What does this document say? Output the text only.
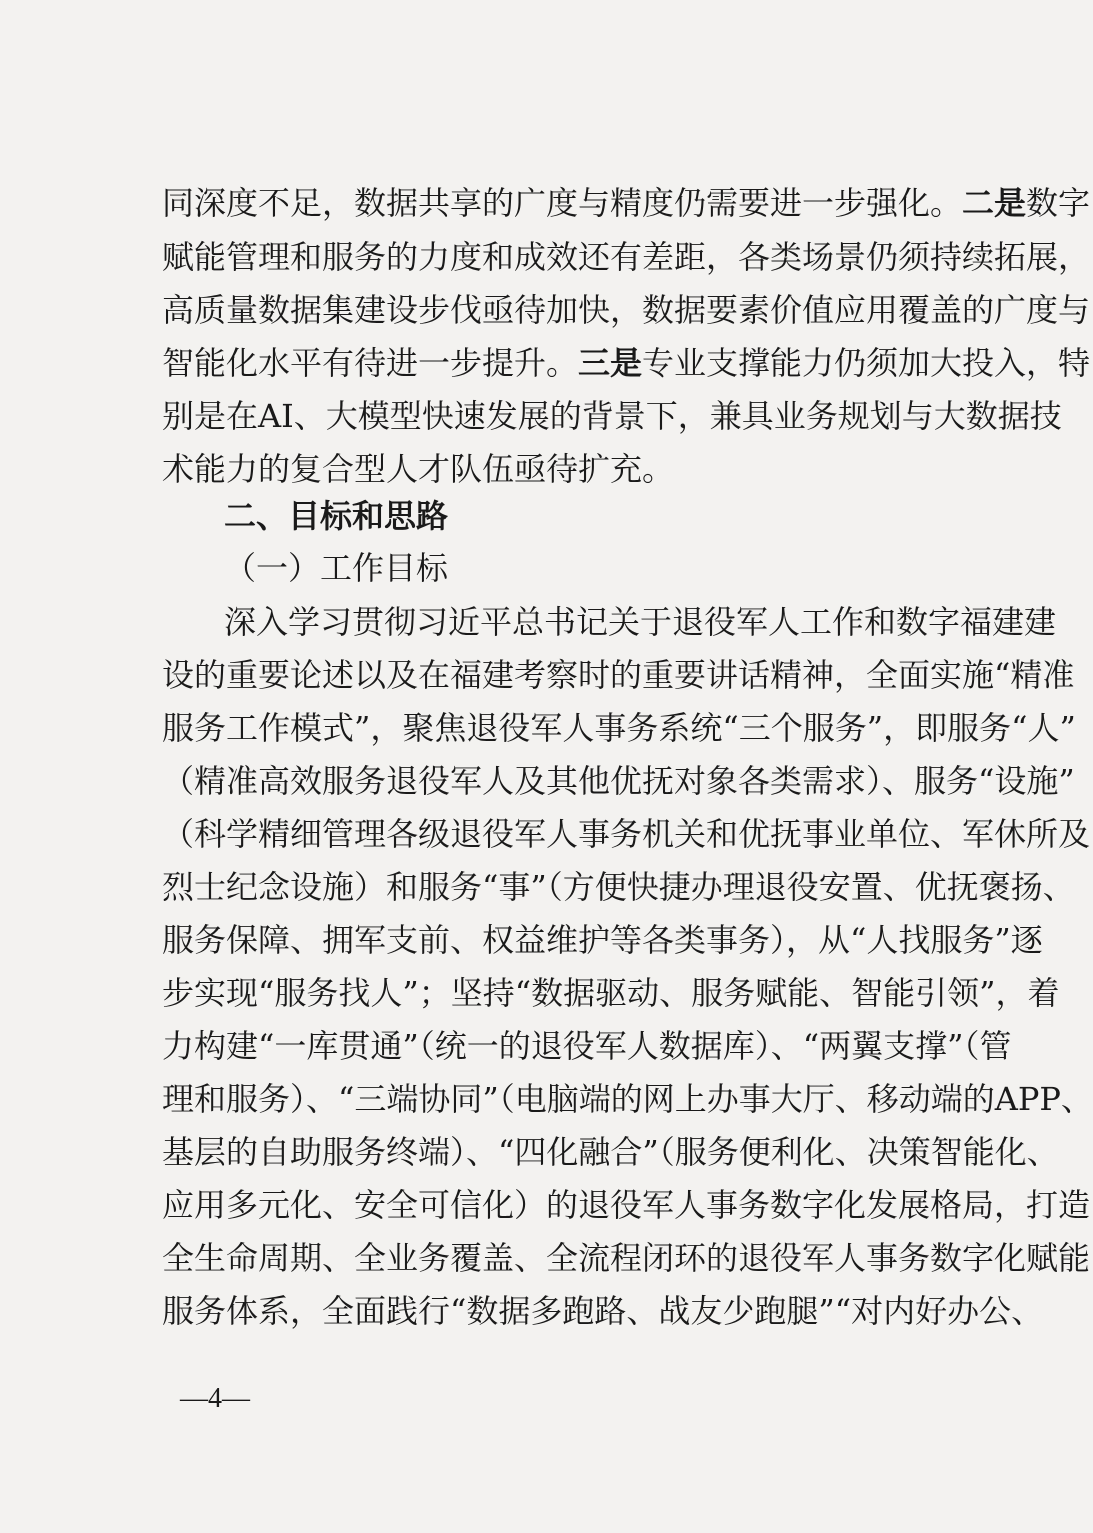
同深度不足，数据共享的广度与精度仍需要进一步强化。二是数字
赋能管理和服务的力度和成效还有差距，各类场景仍须持续拓展，
高质量数据集建设步伐亟待加快，数据要素价值应用覆盖的广度与
智能化水平有待进一步提升。三是专业支撑能力仍须加大投入，特
别是在AI、大模型快速发展的背景下，兼具业务规划与大数据技
术能力的复合型人才队伍亟待扩充。
二、目标和思路
（一）工作目标
深入学习贯彻习近平总书记关于退役军人工作和数字福建建
设的重要论述以及在福建考察时的重要讲话精神，全面实施“精准
服务工作模式”，聚焦退役军人事务系统“三个服务”，即服务“人”
（精准高效服务退役军人及其他优抚对象各类需求）、服务“设施”
（科学精细管理各级退役军人事务机关和优抚事业单位、军休所及
烈士纪念设施）和服务“事”（方便快捷办理退役安置、优抚褒扬、
服务保障、拥军支前、权益维护等各类事务），从“人找服务”逐
步实现“服务找人”；坚持“数据驱动、服务赋能、智能引领”，着
力构建“一库贯通”（统一的退役军人数据库）、“两翼支撑”（管
理和服务）、“三端协同”（电脑端的网上办事大厅、移动端的APP、
基层的自助服务终端）、“四化融合”（服务便利化、决策智能化、
应用多元化、安全可信化）的退役军人事务数字化发展格局，打造
全生命周期、全业务覆盖、全流程闭环的退役军人事务数字化赋能
服务体系，全面践行“数据多跑路、战友少跑腿”“对内好办公、
—4—
